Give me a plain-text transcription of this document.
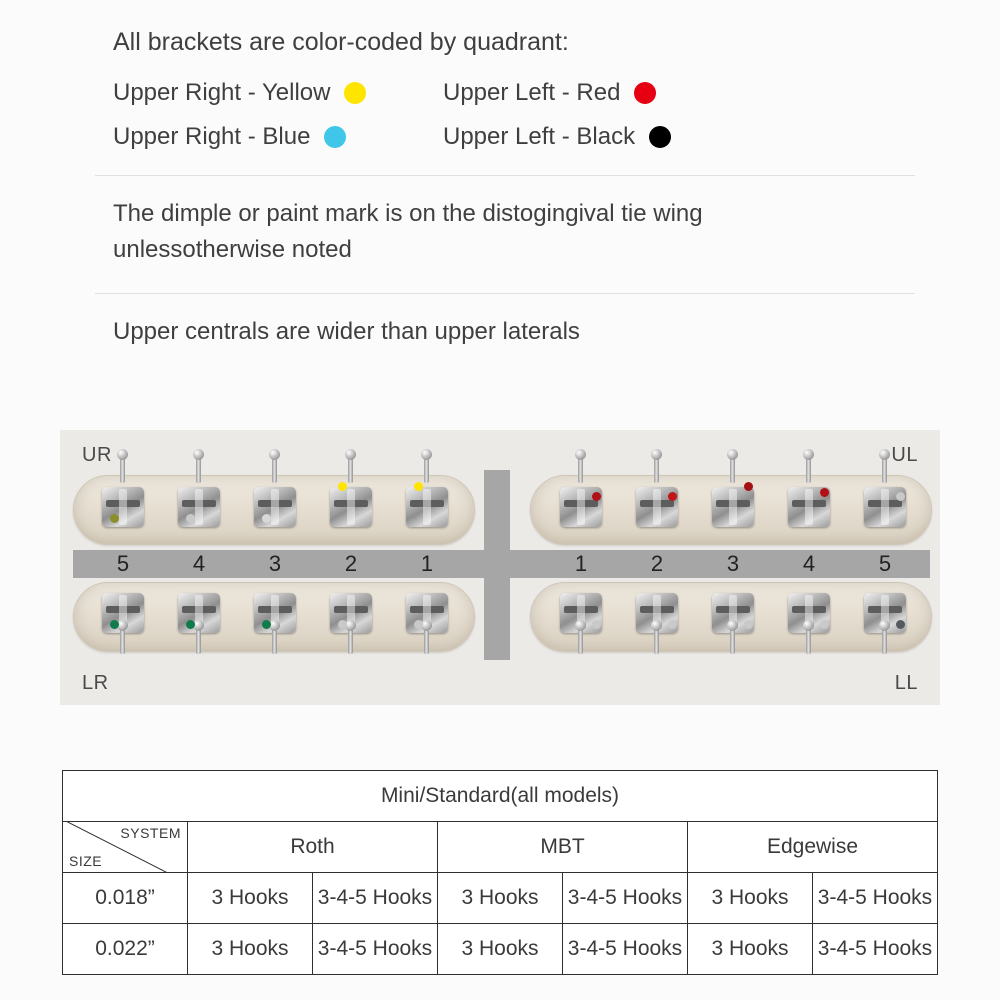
All brackets are color-coded by quadrant:
Upper Right - Yellow	Upper Left - Red
Upper Right - Blue	Upper Left - Black
The dimple or paint mark is on the distogingival tie wing
unlessotherwise noted
Upper centrals are wider than upper laterals
UR	UL
LR	LL
5	4	3	2	1	1	2	3	4	5
Mini/Standard(all models)						

SYSTEM
SIZE	Roth		MBT		Edgewise	
0.018”	3 Hooks	3-4-5 Hooks	3 Hooks	3-4-5 Hooks	3 Hooks	3-4-5 Hooks
0.022”	3 Hooks	3-4-5 Hooks	3 Hooks	3-4-5 Hooks	3 Hooks	3-4-5 Hooks
